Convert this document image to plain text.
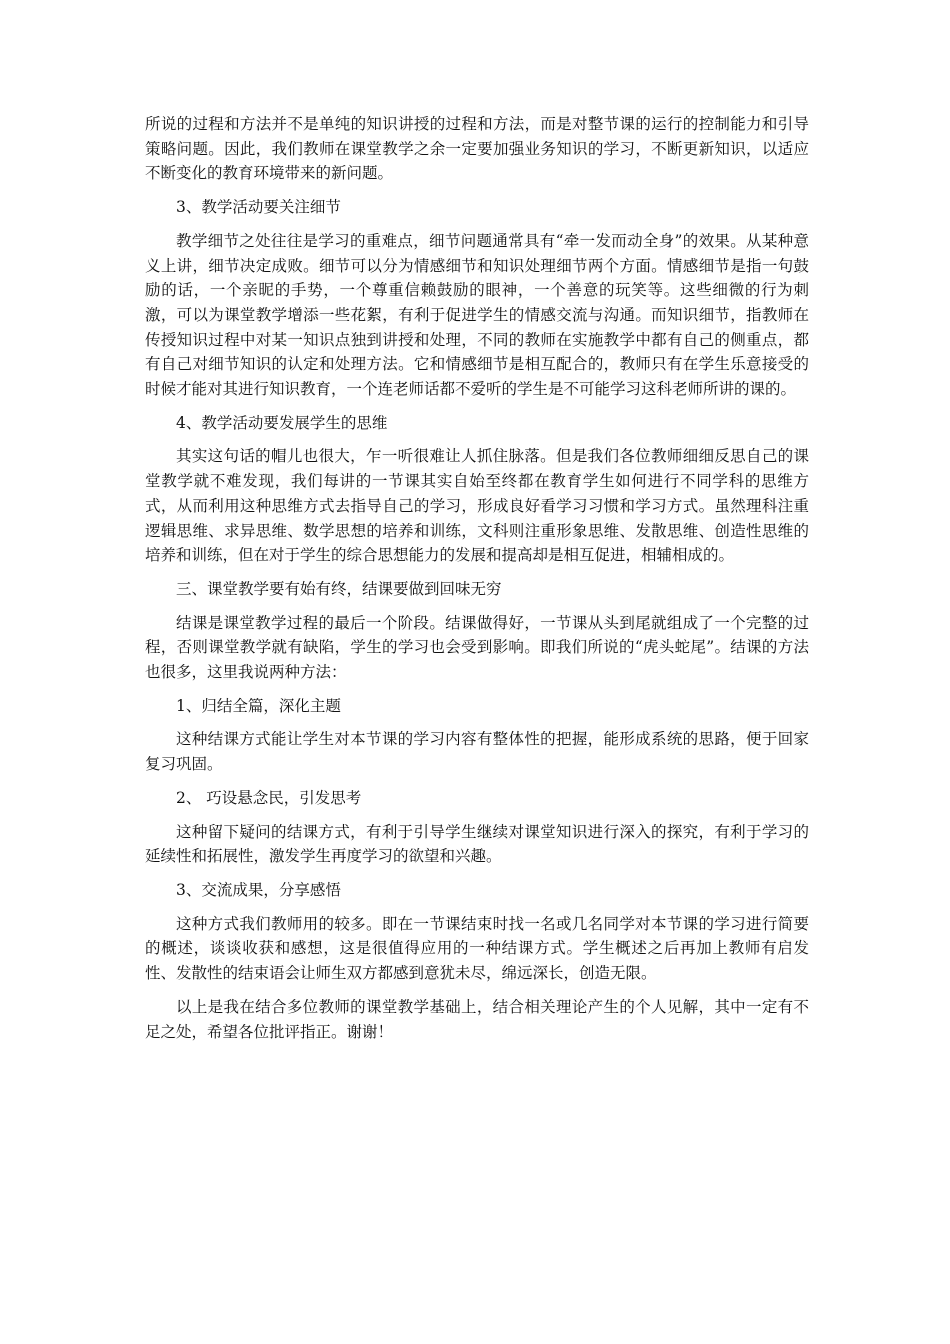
所说的过程和方法并不是单纯的知识讲授的过程和方法，而是对整节课的运行的控制能力和引导策略问题。因此，我们教师在课堂教学之余一定要加强业务知识的学习，不断更新知识，以适应不断变化的教育环境带来的新问题。

3、教学活动要关注细节

教学细节之处往往是学习的重难点，细节问题通常具有“牵一发而动全身”的效果。从某种意义上讲，细节决定成败。细节可以分为情感细节和知识处理细节两个方面。情感细节是指一句鼓励的话，一个亲昵的手势，一个尊重信赖鼓励的眼神，一个善意的玩笑等。这些细微的行为刺激，可以为课堂教学增添一些花絮，有利于促进学生的情感交流与沟通。而知识细节，指教师在传授知识过程中对某一知识点独到讲授和处理，不同的教师在实施教学中都有自己的侧重点，都有自己对细节知识的认定和处理方法。它和情感细节是相互配合的，教师只有在学生乐意接受的时候才能对其进行知识教育，一个连老师话都不爱听的学生是不可能学习这科老师所讲的课的。

4、教学活动要发展学生的思维

其实这句话的帽儿也很大，乍一听很难让人抓住脉落。但是我们各位教师细细反思自己的课堂教学就不难发现，我们每讲的一节课其实自始至终都在教育学生如何进行不同学科的思维方式，从而利用这种思维方式去指导自己的学习，形成良好看学习习惯和学习方式。虽然理科注重逻辑思维、求异思维、数学思想的培养和训练，文科则注重形象思维、发散思维、创造性思维的培养和训练，但在对于学生的综合思想能力的发展和提高却是相互促进，相辅相成的。

三、课堂教学要有始有终，结课要做到回味无穷

结课是课堂教学过程的最后一个阶段。结课做得好，一节课从头到尾就组成了一个完整的过程，否则课堂教学就有缺陷，学生的学习也会受到影响。即我们所说的“虎头蛇尾”。结课的方法也很多，这里我说两种方法：

1、归结全篇，深化主题

这种结课方式能让学生对本节课的学习内容有整体性的把握，能形成系统的思路，便于回家复习巩固。

2、 巧设悬念民，引发思考

这种留下疑问的结课方式，有利于引导学生继续对课堂知识进行深入的探究，有利于学习的延续性和拓展性，激发学生再度学习的欲望和兴趣。

3、交流成果，分享感悟

这种方式我们教师用的较多。即在一节课结束时找一名或几名同学对本节课的学习进行简要的概述，谈谈收获和感想，这是很值得应用的一种结课方式。学生概述之后再加上教师有启发性、发散性的结束语会让师生双方都感到意犹未尽，绵远深长，创造无限。

以上是我在结合多位教师的课堂教学基础上，结合相关理论产生的个人见解，其中一定有不足之处，希望各位批评指正。谢谢！
